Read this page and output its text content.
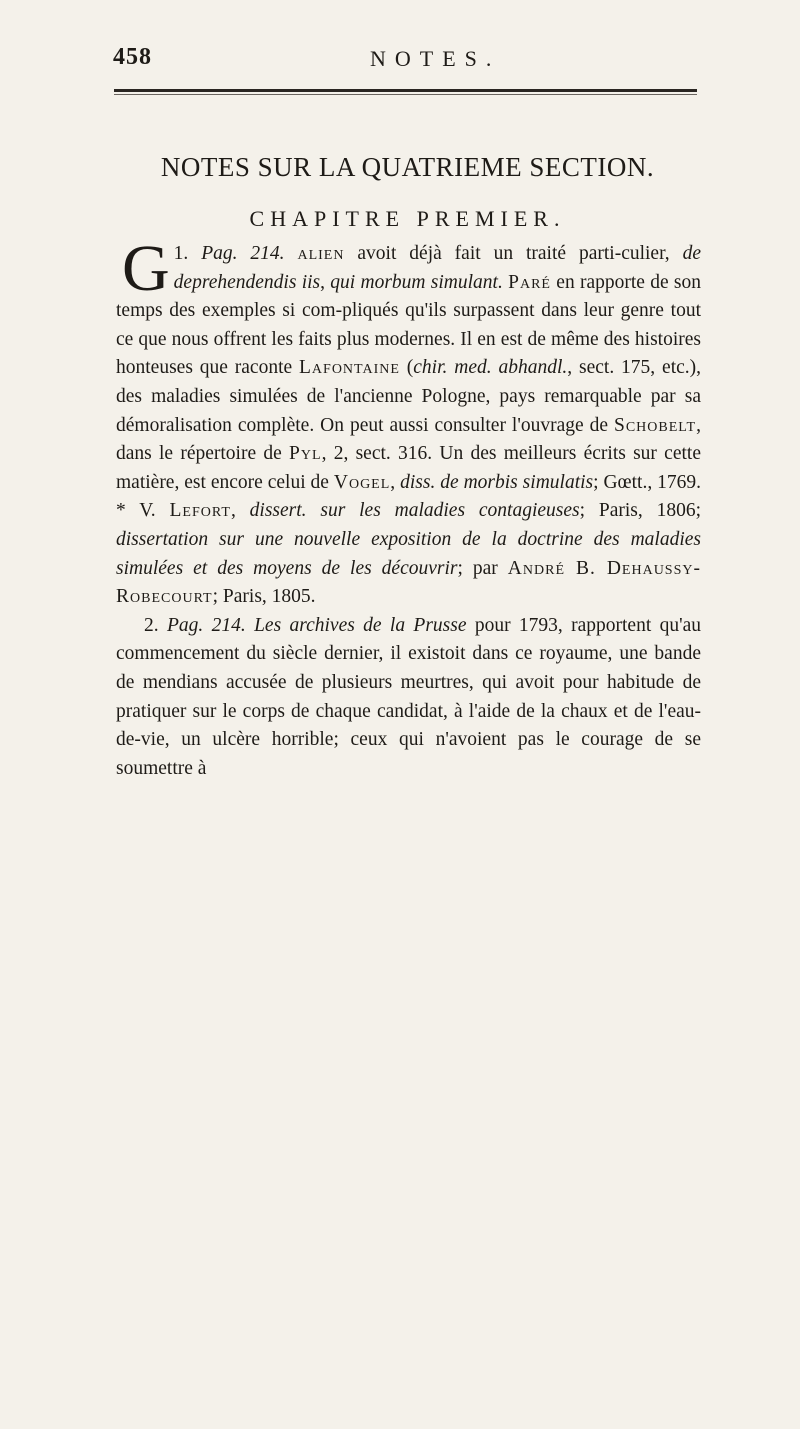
458	NOTES.
NOTES SUR LA QUATRIEME SECTION.
CHAPITRE PREMIER.

G 1. Pag. 214. alien avoit déjà fait un traité parti-culier, de deprehendendis iis, qui morbum simulant. Paré en rapporte de son temps des exemples si com-pliqués qu'ils surpassent dans leur genre tout ce que nous offrent les faits plus modernes. Il en est de même des histoires honteuses que raconte Lafontaine (chir. med. abhandl., sect. 175, etc.), des maladies simulées de l'ancienne Pologne, pays remarquable par sa démoralisation complète. On peut aussi consulter l'ouvrage de Schobelt, dans le répertoire de Pyl, 2, sect. 316. Un des meilleurs écrits sur cette matière, est encore celui de Vogel, diss. de morbis simulatis; Gœtt., 1769. * V. Lefort, dissert. sur les maladies contagieuses; Paris, 1806; dissertation sur une nouvelle exposition de la doctrine des maladies simulées et des moyens de les découvrir; par André B. Dehaussy-Robecourt; Paris, 1805.

2. Pag. 214. Les archives de la Prusse pour 1793, rapportent qu'au commencement du siècle dernier, il existoit dans ce royaume, une bande de mendians accusée de plusieurs meurtres, qui avoit pour habitude de pratiquer sur le corps de chaque candidat, à l'aide de la chaux et de l'eau-de-vie, un ulcère horrible; ceux qui n'avoient pas le courage de se soumettre à
